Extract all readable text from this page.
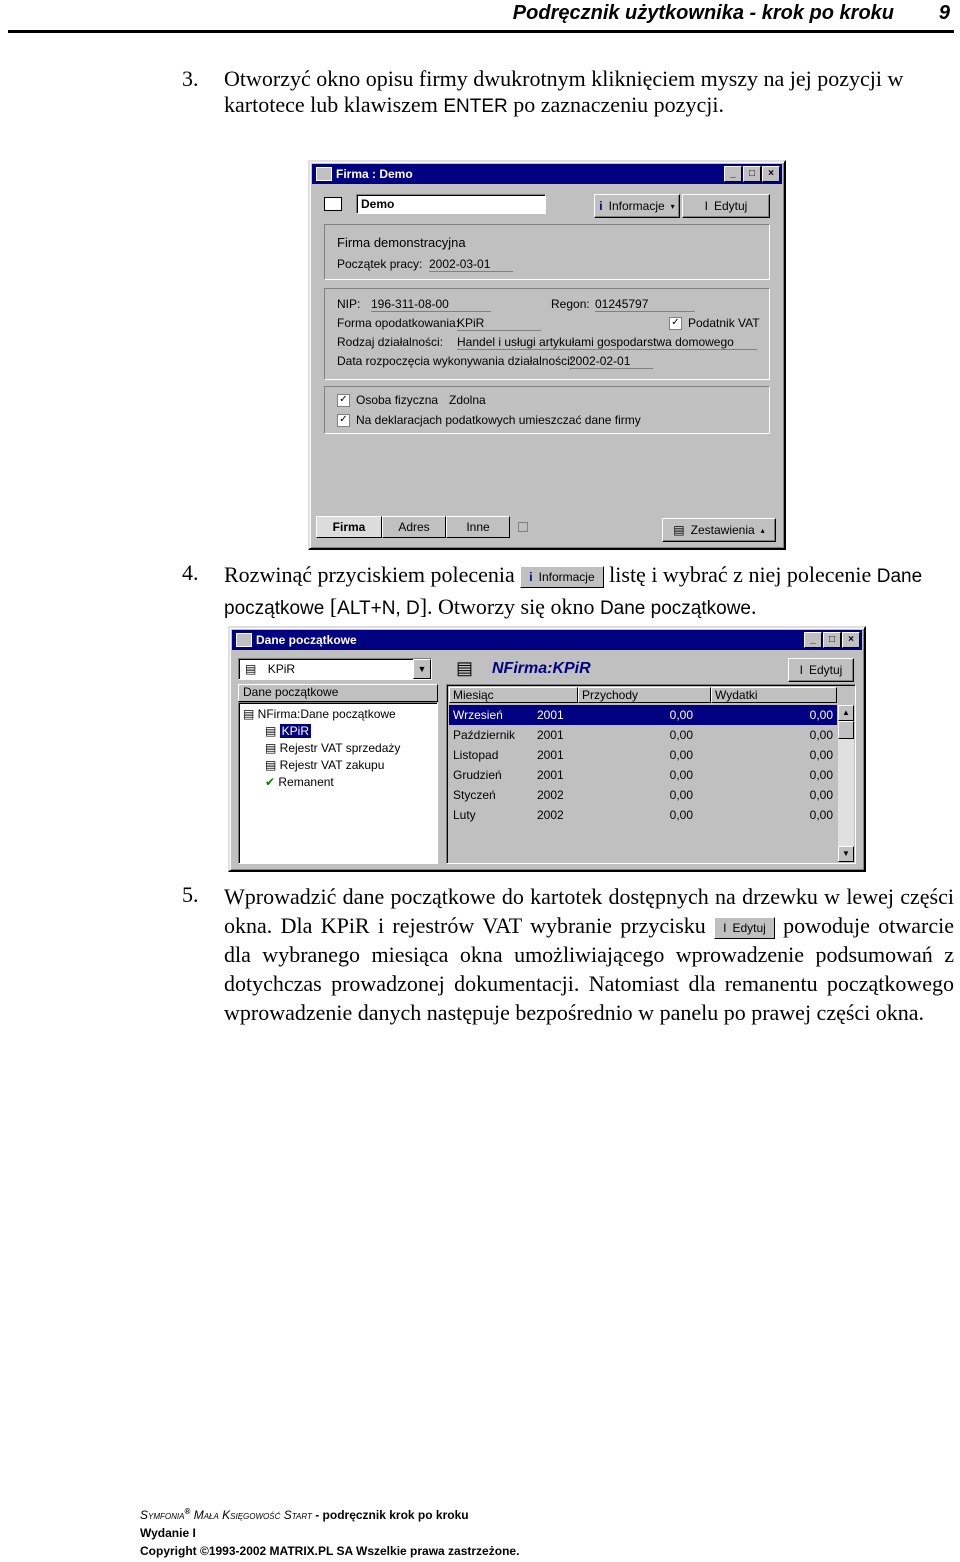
Podręcznik użytkownika - krok po kroku 9
3. Otworzyć okno opisu firmy dwukrotnym kliknięciem myszy na jej pozycji w kartotece lub klawiszem ENTER po zaznaczeniu pozycji.
Firma : Demo	_	□	×
Demo	i Informacje ▾ I Edytuj
Firma demonstracyjna
Początek pracy: 2002-03-01
NIP: 196-311-08-00	Regon: 01245797
Forma opodatkowania:
KPiR	✓ Podatnik VAT
Rodzaj działalności: Handel i usługi artykułami gospodarstwa domowego
Data rozpoczęcia wykonywania działalności:
2002-02-01
✓ Osoba fizyczna Zdolna
✓ Na deklaracjach podatkowych umieszczać dane firmy
Firma	Adres	Inne	▤ Zestawienia ▴
4. Rozwinąć przyciskiem polecenia i Informacje listę i wybrać z niej polecenie Dane początkowe [ALT+N, D]. Otworzy się okno Dane początkowe.
Dane początkowe	_	□	×
▤ KPiR	▼
Dane początkowe
▤ NFirma:Dane początkowe
▤ KPiR
▤ Rejestr VAT sprzedaży
▤ Rejestr VAT zakupu
✔ Remanent
▤ NFirma:KPiR	I Edytuj
Miesiąc	Przychody	Wydatki
Wrzesień	2001	0,00	0,00
Październik	2001	0,00	0,00
Listopad	2001	0,00	0,00
Grudzień	2001	0,00	0,00
Styczeń	2002	0,00	0,00
Luty	2002	0,00	0,00
▲
▼
5. Wprowadzić dane początkowe do kartotek dostępnych na drzewku w lewej części okna. Dla KPiR i rejestrów VAT wybranie przycisku I Edytuj powoduje otwarcie dla wybranego miesiąca okna umożliwiającego wprowadzenie podsumowań z dotychczas prowadzonej dokumentacji. Natomiast dla remanentu początkowego wprowadzenie danych następuje bezpośrednio w panelu po prawej części okna.
Symfonia® Mała Księgowość Start - podręcznik krok po kroku
Wydanie I
Copyright ©1993-2002 MATRIX.PL SA Wszelkie prawa zastrzeżone.
